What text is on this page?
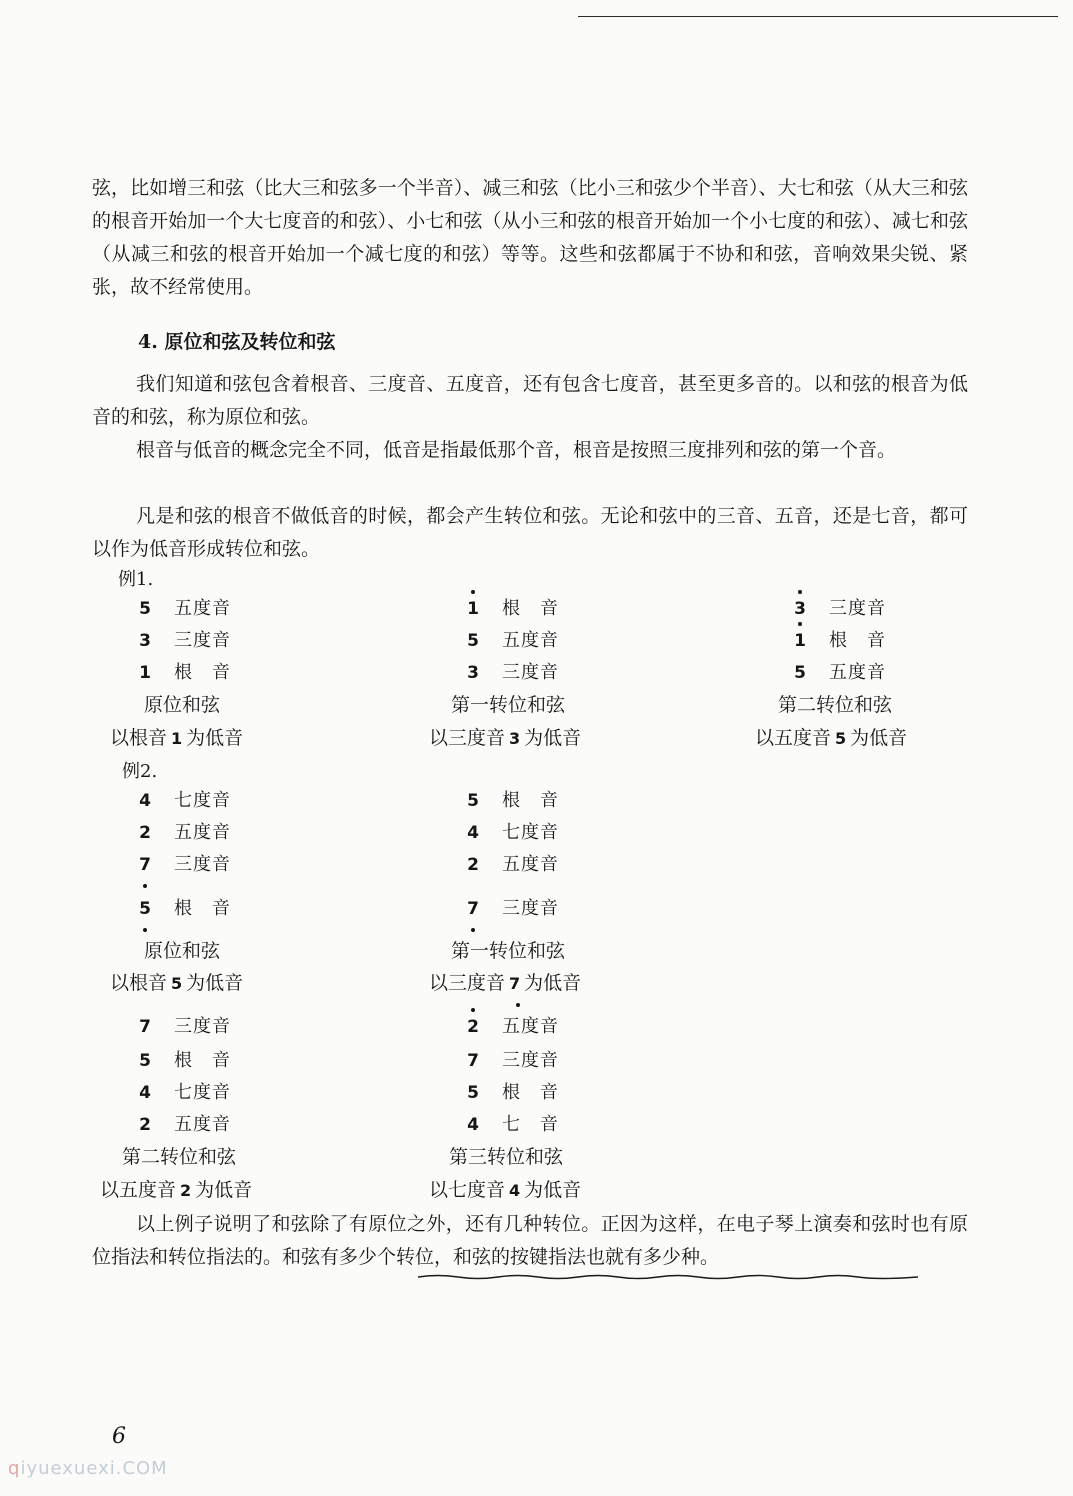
弦，比如增三和弦（比大三和弦多一个半音）、减三和弦（比小三和弦少个半音）、大七和弦（从大三和弦的根音开始加一个大七度音的和弦）、小七和弦（从小三和弦的根音开始加一个小七度的和弦）、减七和弦（从减三和弦的根音开始加一个减七度的和弦）等等。这些和弦都属于不协和和弦，音响效果尖锐、紧张，故不经常使用。

4. 原位和弦及转位和弦

我们知道和弦包含着根音、三度音、五度音，还有包含七度音，甚至更多音的。以和弦的根音为低音的和弦，称为原位和弦。

根音与低音的概念完全不同，低音是指最低那个音，根音是按照三度排列和弦的第一个音。

凡是和弦的根音不做低音的时候，都会产生转位和弦。无论和弦中的三音、五音，还是七音，都可以作为低音形成转位和弦。

例1.
5 五度音
3 三度音
1 根　音
原位和弦
以根音 1 为低音
1 根　音
5 五度音
3 三度音
第一转位和弦
以三度音 3 为低音
3 三度音
1 根　音
5 五度音
第二转位和弦
以五度音 5 为低音
例2.
4 七度音
2 五度音
7 三度音
5 根　音
原位和弦
以根音 5 为低音
5 根　音
4 七度音
2 五度音
7 三度音
第一转位和弦
以三度音 7 为低音
7 三度音
5 根　音
4 七度音
2 五度音
第二转位和弦
以五度音 2 为低音
2 五度音
7 三度音
5 根　音
4 七　音
第三转位和弦
以七度音 4 为低音

以上例子说明了和弦除了有原位之外，还有几种转位。正因为这样，在电子琴上演奏和弦时也有原位指法和转位指法的。和弦有多少个转位，和弦的按键指法也就有多少种。

6
qiyuexuexi.COM
